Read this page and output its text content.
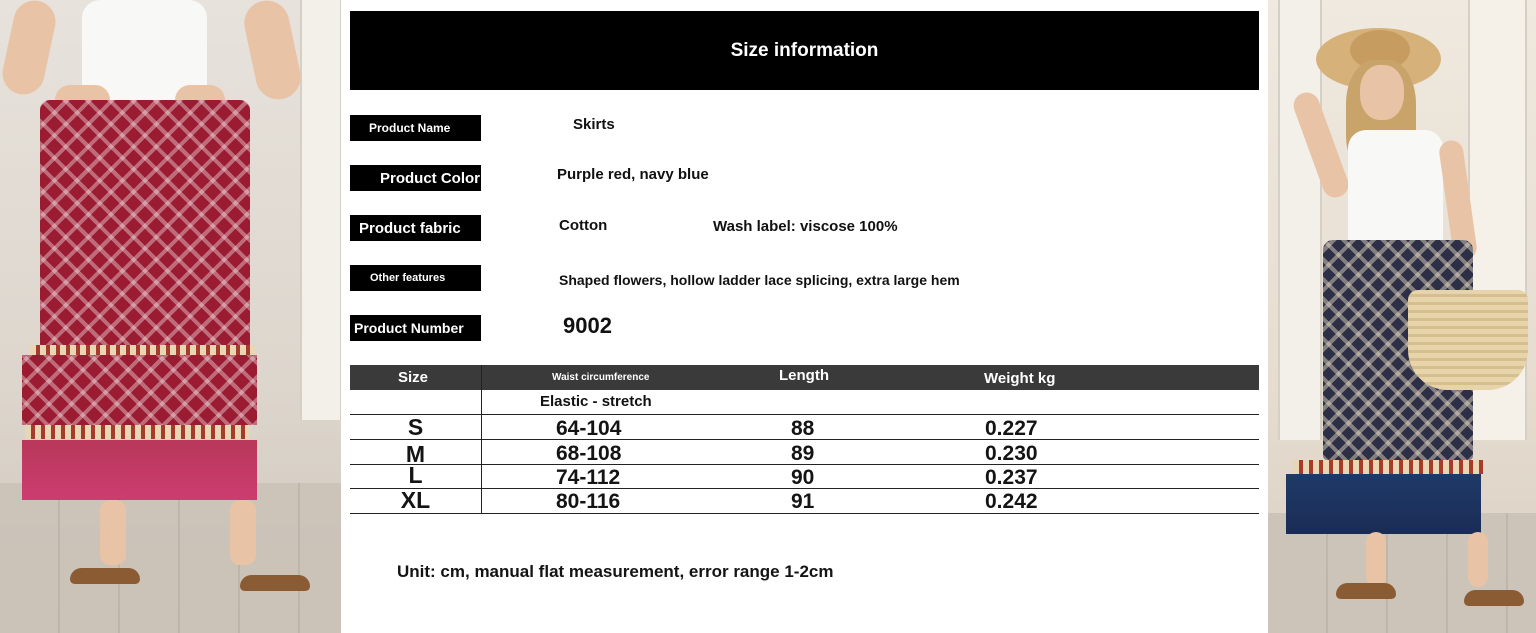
Size information
Product Name	Skirts
Product Color	Purple red, navy blue
Product fabric	Cotton	Wash label: viscose 100%
Other features	Shaped flowers, hollow ladder lace splicing, extra large hem
Product Number	9002
Size	Waist circumference	Length	Weight kg
Elastic - stretch
S	64-104	88	0.227
M	68-108	89	0.230
L	74-112	90	0.237
XL	80-116	91	0.242
Unit: cm, manual flat measurement, error range 1-2cm
